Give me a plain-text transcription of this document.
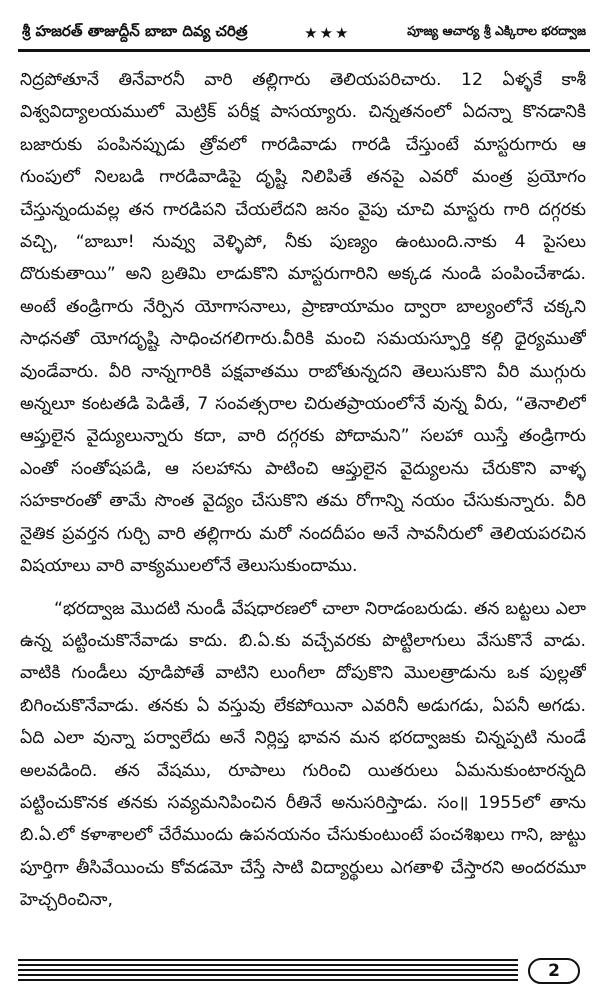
శ్రీ హజరత్ తాజుద్దీన్ బాబా దివ్య చరిత్ర	★★★	పూజ్య ఆచార్య శ్రీ ఎక్కిరాల భరద్వాజ

నిద్రపోతూనే తినేవారనీ వారి తల్లిగారు తెలియపరిచారు. 12 ఏళ్ళకే కాశీ విశ్వవిద్యాలయములో మెట్రిక్ పరీక్ష పాసయ్యారు. చిన్నతనంలో ఏదన్నా కొనడానికి బజారుకు పంపినప్పుడు త్రోవలో గారడివాడు గారడి చేస్తుంటే మాస్టరుగారు ఆ గుంపులో నిలబడి గారడివాడిపై దృష్టి నిలిపితే తనపై ఎవరో మంత్ర ప్రయోగం చేస్తున్నందువల్ల తన గారడిపని చేయలేదని జనం వైపు చూచి మాస్టరు గారి దగ్గరకు వచ్చి, “బాబూ! నువ్వు వెళ్ళిపో, నీకు పుణ్యం ఉంటుంది.నాకు 4 పైసలు దొరుకుతాయి” అని బ్రతిమి లాడుకొని మాస్టరుగారిని అక్కడ నుండి పంపించేశాడు. అంటే తండ్రిగారు నేర్పిన యోగాసనాలు, ప్రాణాయామం ద్వారా బాల్యంలోనే చక్కని సాధనతో యోగదృష్టి సాధించగలిగారు.వీరికి మంచి సమయస్ఫూర్తి కల్గి ధైర్యముతో వుండేవారు. వీరి నాన్నగారికి పక్షవాతము రాబోతున్నదని తెలుసుకొని వీరి ముగ్గురు అన్నలూ కంటతడి పెడితే, 7 సంవత్సరాల చిరుతప్రాయంలోనే వున్న వీరు, “తెనాలిలో ఆప్తులైన వైద్యులున్నారు కదా, వారి దగ్గరకు పోదామని” సలహా యిస్తే తండ్రిగారు ఎంతో సంతోషపడి, ఆ సలహాను పాటించి ఆప్తులైన వైద్యులను చేరుకొని వాళ్ళ సహకారంతో తామే సొంత వైద్యం చేసుకొని తమ రోగాన్ని నయం చేసుకున్నారు. వీరి నైతిక ప్రవర్తన గుర్చి వారి తల్లిగారు మరో నందదీపం అనే సావనీరులో తెలియపరచిన విషయాలు వారి వాక్యములలోనే తెలుసుకుందాము.

“భరద్వాజ మొదటి నుండీ వేషధారణలో చాలా నిరాడంబరుడు. తన బట్టలు ఎలా ఉన్న పట్టించుకొనేవాడు కాదు. బి.ఏ.కు వచ్చేవరకు పొట్టిలాగులు వేసుకొనే వాడు. వాటికి గుండీలు వూడిపోతే వాటిని లుంగీలా దోపుకొని మొలత్రాడును ఒక పుల్లతో బిగించుకొనేవాడు. తనకు ఏ వస్తువు లేకపోయినా ఎవరినీ అడుగడు, ఏపనీ అగడు. ఏది ఎలా వున్నా పర్వాలేదు అనే నిర్లిప్త భావన మన భరద్వాజకు చిన్నప్పటి నుండే అలవడింది. తన వేషము, రూపాలు గురించి యితరులు ఏమనుకుంటారన్నది పట్టించుకొనక తనకు సవ్యమనిపించిన రీతినే అనుసరిస్తాడు. సం॥ 1955లో తాను బి.ఏ.లో కళాశాలలో చేరేముందు ఉపనయనం చేసుకుంటుంటే పంచశిఖలు గాని, జుట్టు పూర్తిగా తీసివేయించు కోవడమో చేస్తే సాటి విద్యార్థులు ఎగతాళి చేస్తారని అందరమూ హెచ్చరించినా,

2
